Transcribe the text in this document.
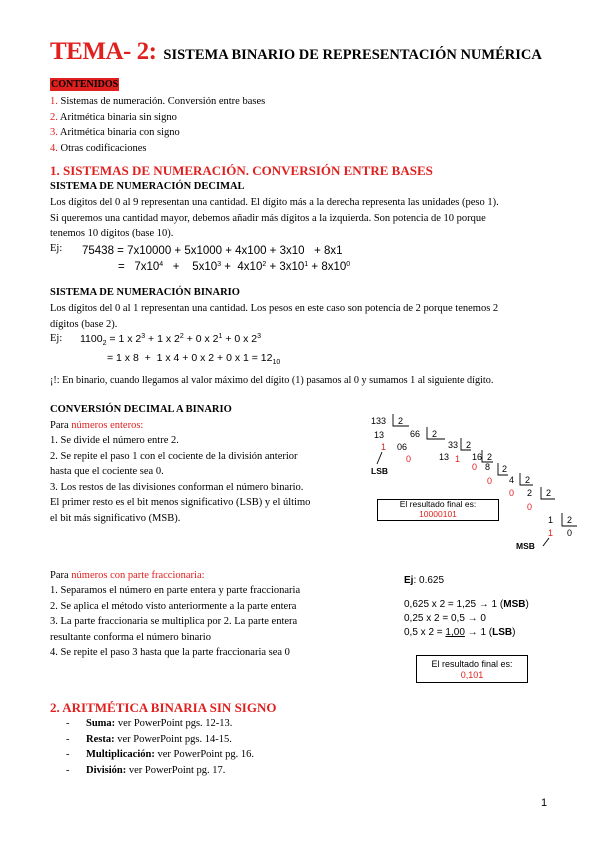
TEMA- 2: SISTEMA BINARIO DE REPRESENTACIÓN NUMÉRICA
CONTENIDOS
1. Sistemas de numeración. Conversión entre bases
2. Aritmética binaria sin signo
3. Aritmética binaria con signo
4. Otras codificaciones
1. SISTEMAS DE NUMERACIÓN. CONVERSIÓN ENTRE BASES
SISTEMA DE NUMERACIÓN DECIMAL
Los dígitos del 0 al 9 representan una cantidad. El dígito más a la derecha representa las unidades (peso 1).
Si queremos una cantidad mayor, debemos añadir más dígitos a la izquierda. Son potencia de 10 porque
tenemos 10 dígitos (base 10).
Ej: 75438 = 7x10000 + 5x1000 + 4x100 + 3x10   + 8x1
= $7x10^4$   +    $5x10^3 + 4x10^2 + 3x10^1 + 8x10^0$
SISTEMA DE NUMERACIÓN BINARIO
Los dígitos del 0 al 1 representan una cantidad. Los pesos en este caso son potencia de 2 porque tenemos 2
dígitos (base 2).
Ej: $1100_2 = 1$ x $2^3 + 1$ x $2^2 + 0$ x $2^1 + 0$ x $2^3$
= 1 x 8  +  1 x 4 + 0 x 2 + 0 x $1 = 12_{10}$
¡!: En binario, cuando llegamos al valor máximo del dígito (1) pasamos al 0 y sumamos 1 al siguiente dígito.
CONVERSIÓN DECIMAL A BINARIO
Para números enteros:
1. Se divide el número entre 2.
2. Se repite el paso 1 con el cociente de la división anterior
hasta que el cociente sea 0.
3. Los restos de las divisiones conforman el número binario.
El primer resto es el bit menos significativo (LSB) y el último
el bit más significativo (MSB).
133
66
33
16
8
4
2
1
2
2
2
2
2
2
2
2
13
06
13
1
0	1
0
0
0
0
1 0
LSB
MSB
El resultado final es:
10000101
Para números con parte fraccionaria:
1. Separamos el número en parte entera y parte fraccionaria
2. Se aplica el método visto anteriormente a la parte entera
3. La parte fraccionaria se multiplica por 2. La parte entera
resultante conforma el número binario
4. Se repite el paso 3 hasta que la parte fraccionaria sea 0
Ej: 0.625
0,625 x 2 = 1,25 → 1 (MSB)
0,25 x 2 = 0,5 → 0
0,5 x 2 = 1,00 → 1 (LSB)
El resultado final es:
0,101
2. ARITMÉTICA BINARIA SIN SIGNO
- Suma: ver PowerPoint pgs. 12-13.
- Resta: ver PowerPoint pgs. 14-15.
- Multiplicación: ver PowerPoint pg. 16.
- División: ver PowerPoint pg. 17.
1
